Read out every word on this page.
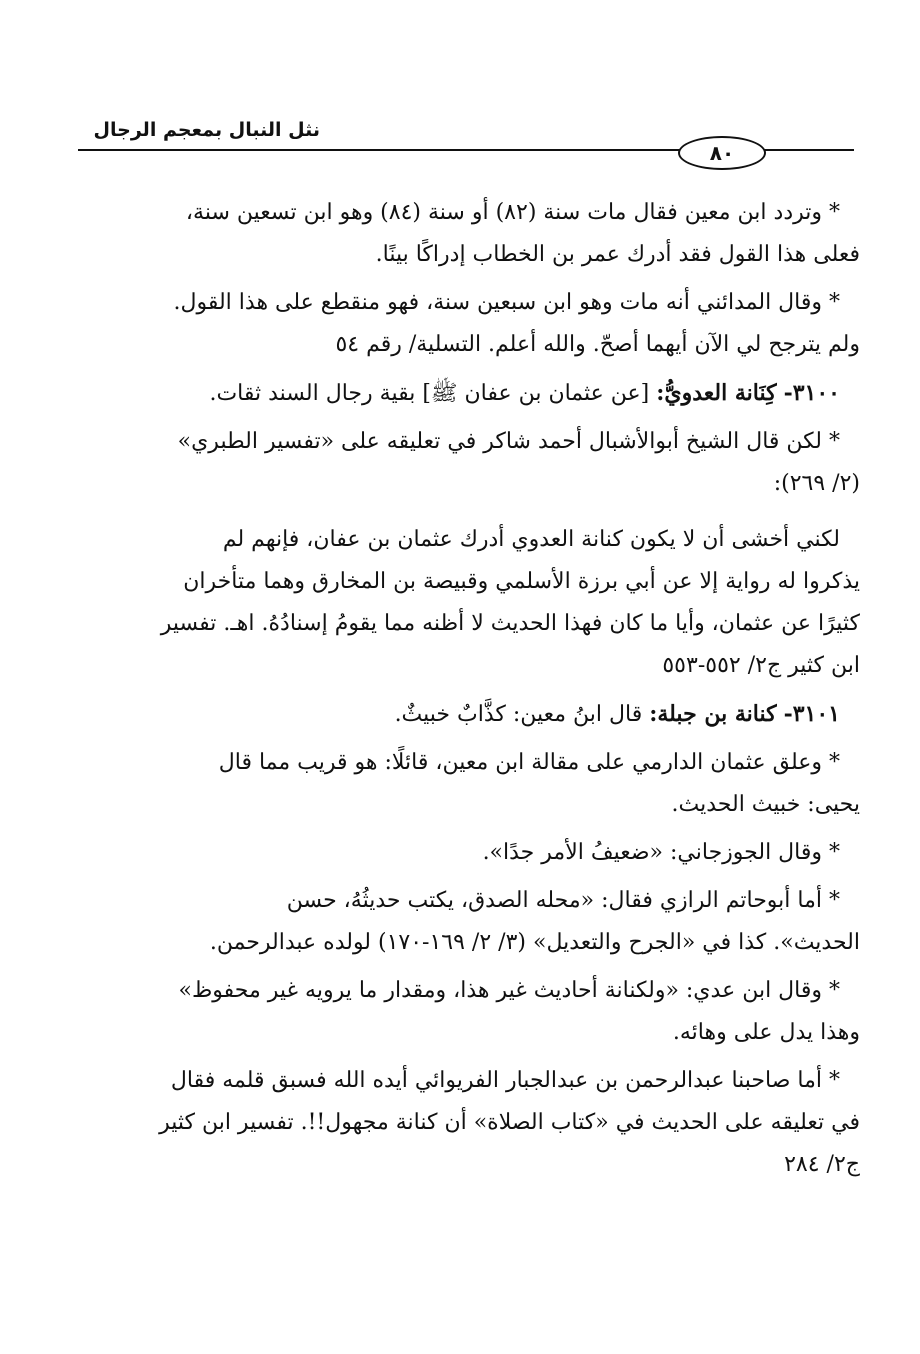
نثل النبال بمعجم الرجال
٨٠

* وتردد ابن معين فقال مات سنة (٨٢) أو سنة (٨٤) وهو ابن تسعين سنة،
فعلى هذا القول فقد أدرك عمر بن الخطاب إدراكًا بينًا.

* وقال المدائني أنه مات وهو ابن سبعين سنة، فهو منقطع على هذا القول.
ولم يترجح لي الآن أيهما أصحّ. والله أعلم. التسلية/ رقم ٥٤

٣١٠٠- كِنَانة العدويُّ: [عن عثمان بن عفان ﷺ] بقية رجال السند ثقات.

* لكن قال الشيخ أبوالأشبال أحمد شاكر في تعليقه على «تفسير الطبري»
(٢/ ٢٦٩):

لكني أخشى أن لا يكون كنانة العدوي أدرك عثمان بن عفان، فإنهم لم
يذكروا له رواية إلا عن أبي برزة الأسلمي وقبيصة بن المخارق وهما متأخران
كثيرًا عن عثمان، وأيا ما كان فهذا الحديث لا أظنه مما يقومُ إسنادُهُ. اهـ. تفسير
ابن كثير ج٢/ ٥٥٢-٥٥٣

٣١٠١- كنانة بن جبلة: قال ابنُ معين: كذَّابٌ خبيثٌ.

* وعلق عثمان الدارمي على مقالة ابن معين، قائلًا: هو قريب مما قال
يحيى: خبيث الحديث.

* وقال الجوزجاني: «ضعيفُ الأمر جدًا».

* أما أبوحاتم الرازي فقال: «محله الصدق، يكتب حديثُهُ، حسن
الحديث». كذا في «الجرح والتعديل» (٣/ ٢/ ١٦٩-١٧٠) لولده عبدالرحمن.

* وقال ابن عدي: «ولكنانة أحاديث غير هذا، ومقدار ما يرويه غير محفوظ»
وهذا يدل على وهائه.

* أما صاحبنا عبدالرحمن بن عبدالجبار الفريوائي أيده الله فسبق قلمه فقال
في تعليقه على الحديث في «كتاب الصلاة» أن كنانة مجهول!!. تفسير ابن كثير
ج٢/ ٢٨٤
